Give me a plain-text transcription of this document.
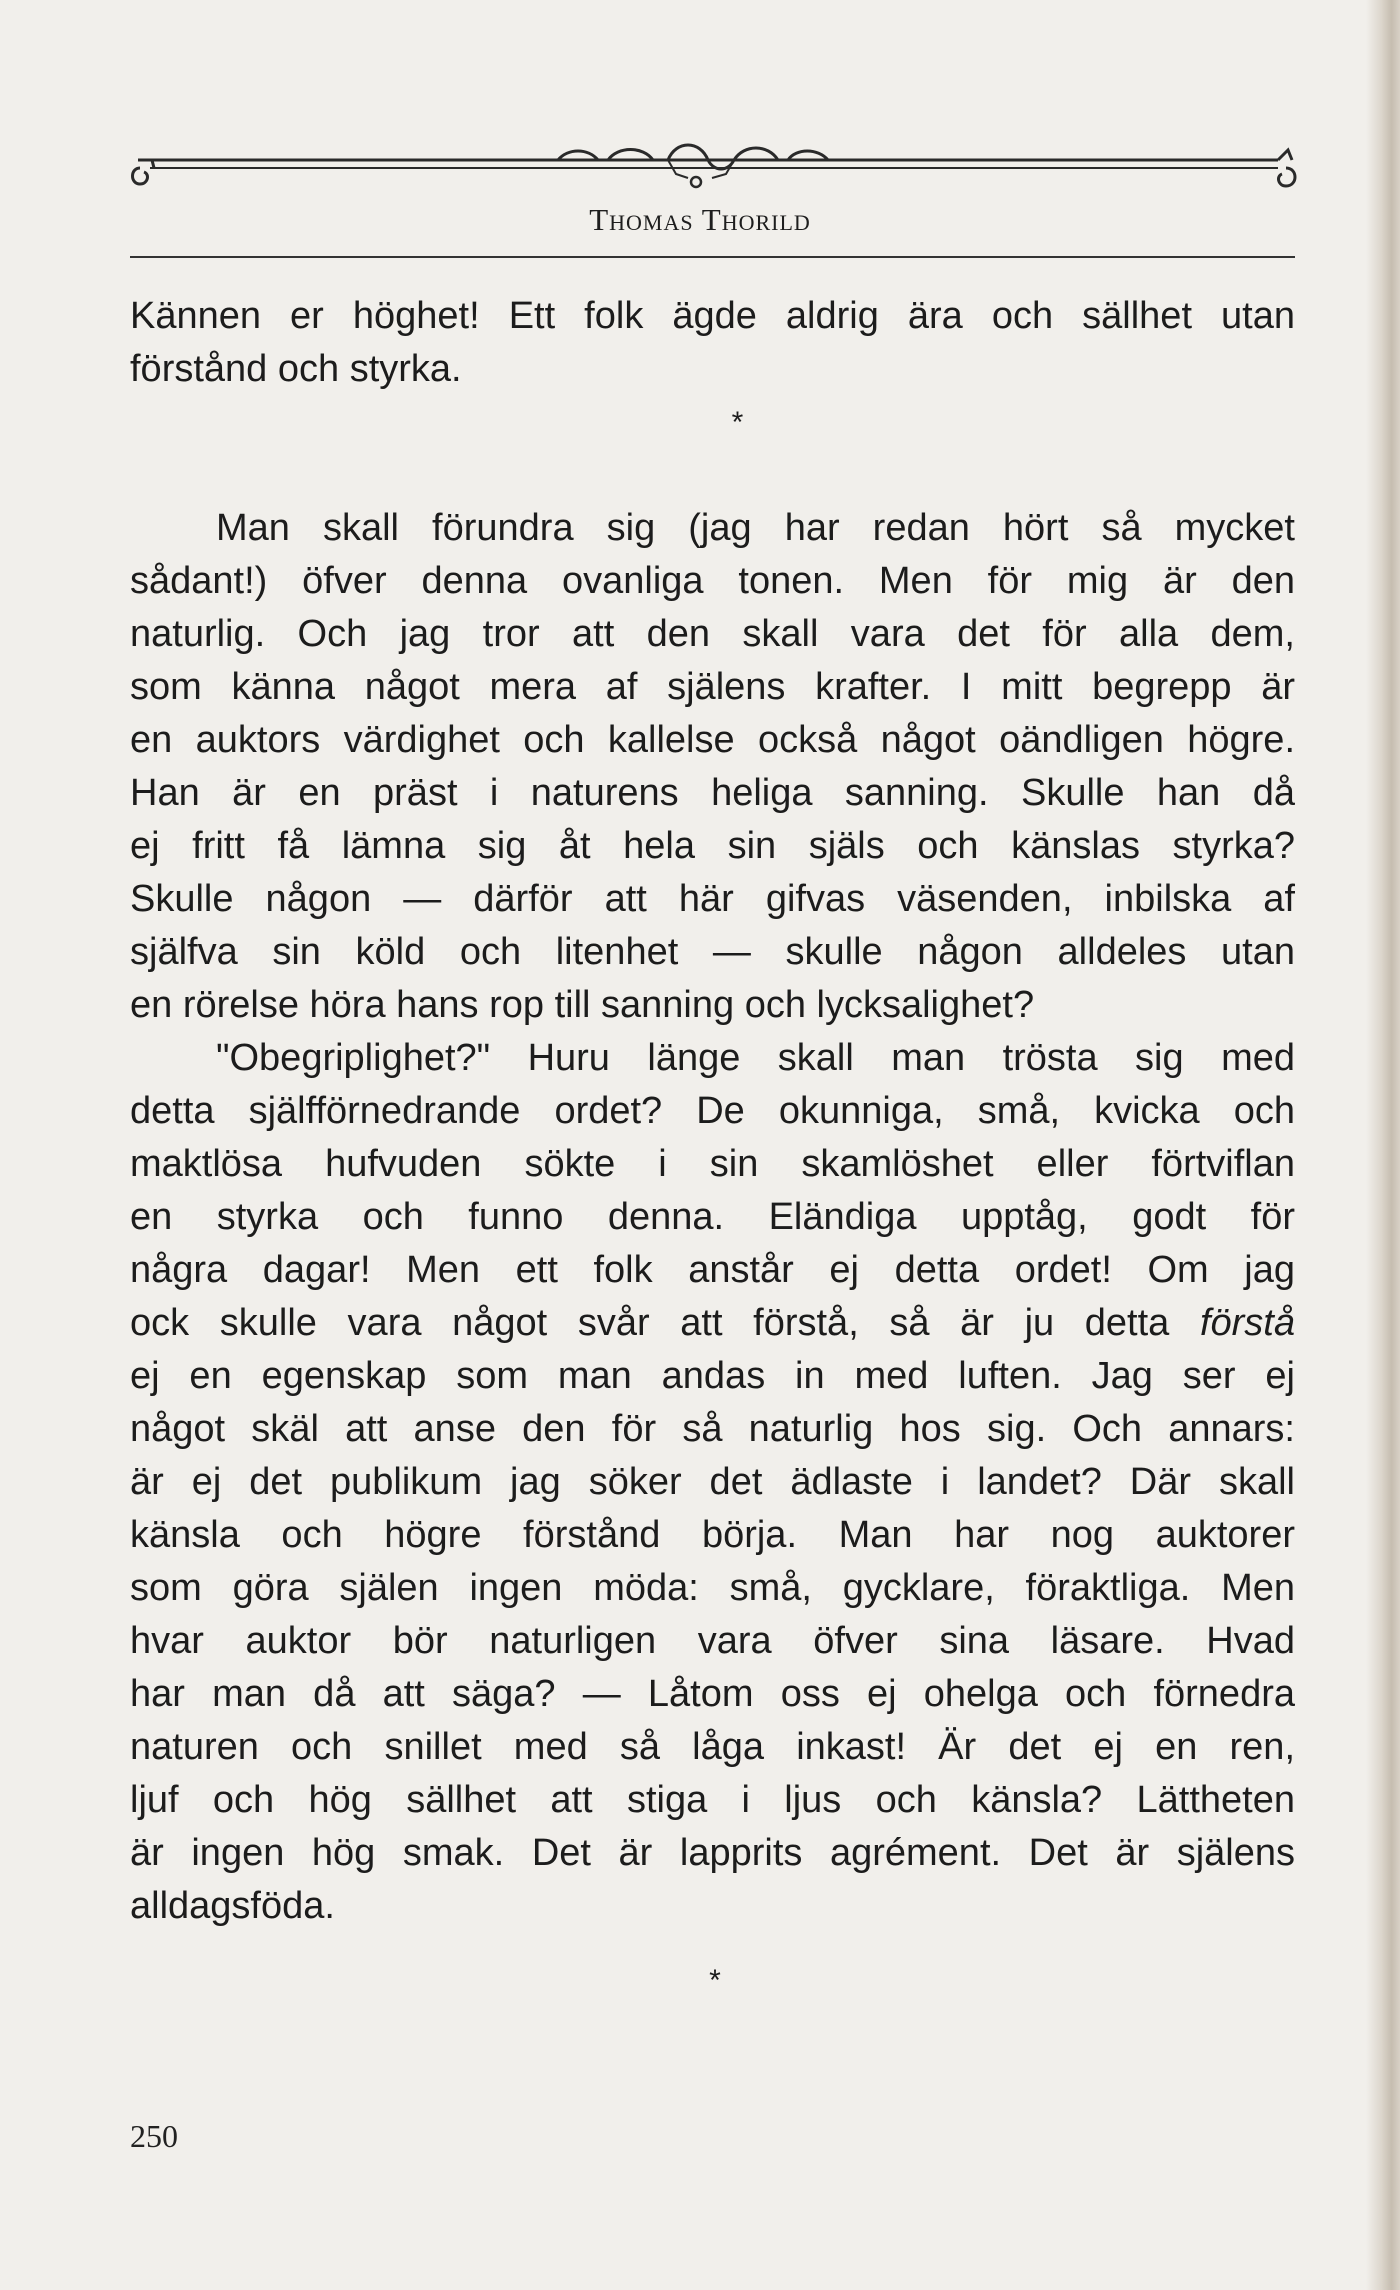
Thomas Thorild
Kännen er höghet! Ett folk ägde aldrig ära och sällhet utan
förstånd och styrka.
*
Man skall förundra sig (jag har redan hört så mycket
sådant!) öfver denna ovanliga tonen. Men för mig är den
naturlig. Och jag tror att den skall vara det för alla dem,
som känna något mera af själens krafter. I mitt begrepp är
en auktors värdighet och kallelse också något oändligen högre.
Han är en präst i naturens heliga sanning. Skulle han då
ej fritt få lämna sig åt hela sin själs och känslas styrka?
Skulle någon — därför att här gifvas väsenden, inbilska af
själfva sin köld och litenhet — skulle någon alldeles utan
en rörelse höra hans rop till sanning och lycksalighet?
"Obegriplighet?" Huru länge skall man trösta sig med
detta själfförnedrande ordet? De okunniga, små, kvicka och
maktlösa hufvuden sökte i sin skamlöshet eller förtviflan
en styrka och funno denna. Eländiga upptåg, godt för
några dagar! Men ett folk anstår ej detta ordet! Om jag
ock skulle vara något svår att förstå, så är ju detta förstå
ej en egenskap som man andas in med luften. Jag ser ej
något skäl att anse den för så naturlig hos sig. Och annars:
är ej det publikum jag söker det ädlaste i landet? Där skall
känsla och högre förstånd börja. Man har nog auktorer
som göra själen ingen möda: små, gycklare, föraktliga. Men
hvar auktor bör naturligen vara öfver sina läsare. Hvad
har man då att säga? — Låtom oss ej ohelga och förnedra
naturen och snillet med så låga inkast! Är det ej en ren,
ljuf och hög sällhet att stiga i ljus och känsla? Lättheten
är ingen hög smak. Det är lapprits agrément. Det är själens
alldagsföda.
*
250
